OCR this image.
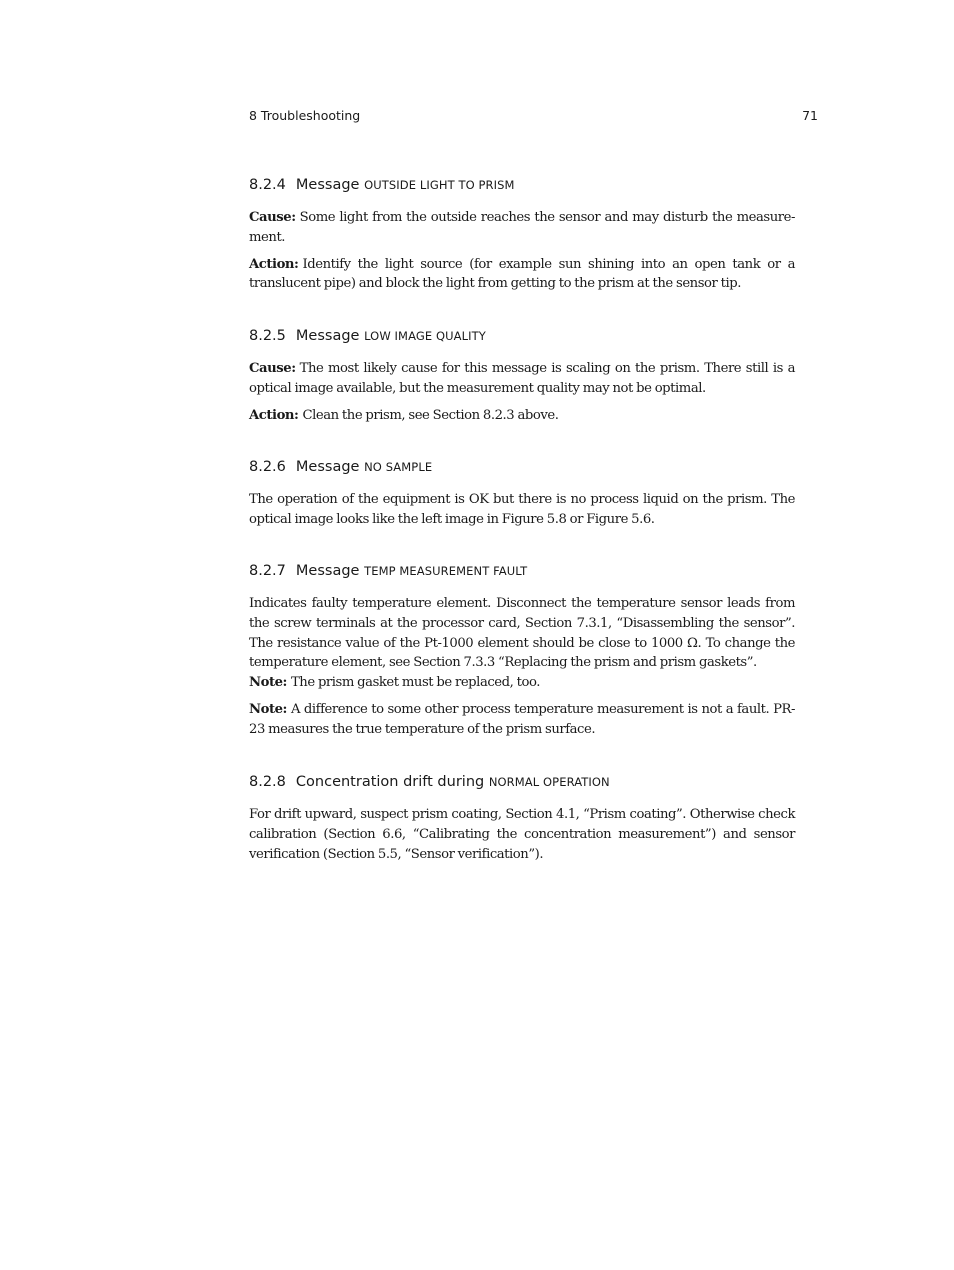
8 Troubleshooting	71
8.2.4 Message OUTSIDE LIGHT TO PRISM

Cause: Some light from the outside reaches the sensor and may disturb the measure-ment.

Action: Identify the light source (for example sun shining into an open tank or a translucent pipe) and block the light from getting to the prism at the sensor tip.

8.2.5 Message LOW IMAGE QUALITY

Cause: The most likely cause for this message is scaling on the prism. There still is a optical image available, but the measurement quality may not be optimal.

Action: Clean the prism, see Section 8.2.3 above.

8.2.6 Message NO SAMPLE

The operation of the equipment is OK but there is no process liquid on the prism. The optical image looks like the left image in Figure 5.8 or Figure 5.6.

8.2.7 Message TEMP MEASUREMENT FAULT

Indicates faulty temperature element. Disconnect the temperature sensor leads from the screw terminals at the processor card, Section 7.3.1, “Disassembling the sensor”. The resistance value of the Pt-1000 element should be close to 1000 Ω. To change the temperature element, see Section 7.3.3 “Replacing the prism and prism gaskets”.

Note: The prism gasket must be replaced, too.

Note: A difference to some other process temperature measurement is not a fault. PR-23 measures the true temperature of the prism surface.

8.2.8 Concentration drift during NORMAL OPERATION

For drift upward, suspect prism coating, Section 4.1, “Prism coating”. Otherwise check calibration (Section 6.6, “Calibrating the concentration measurement”) and sensor verification (Section 5.5, “Sensor verification”).
